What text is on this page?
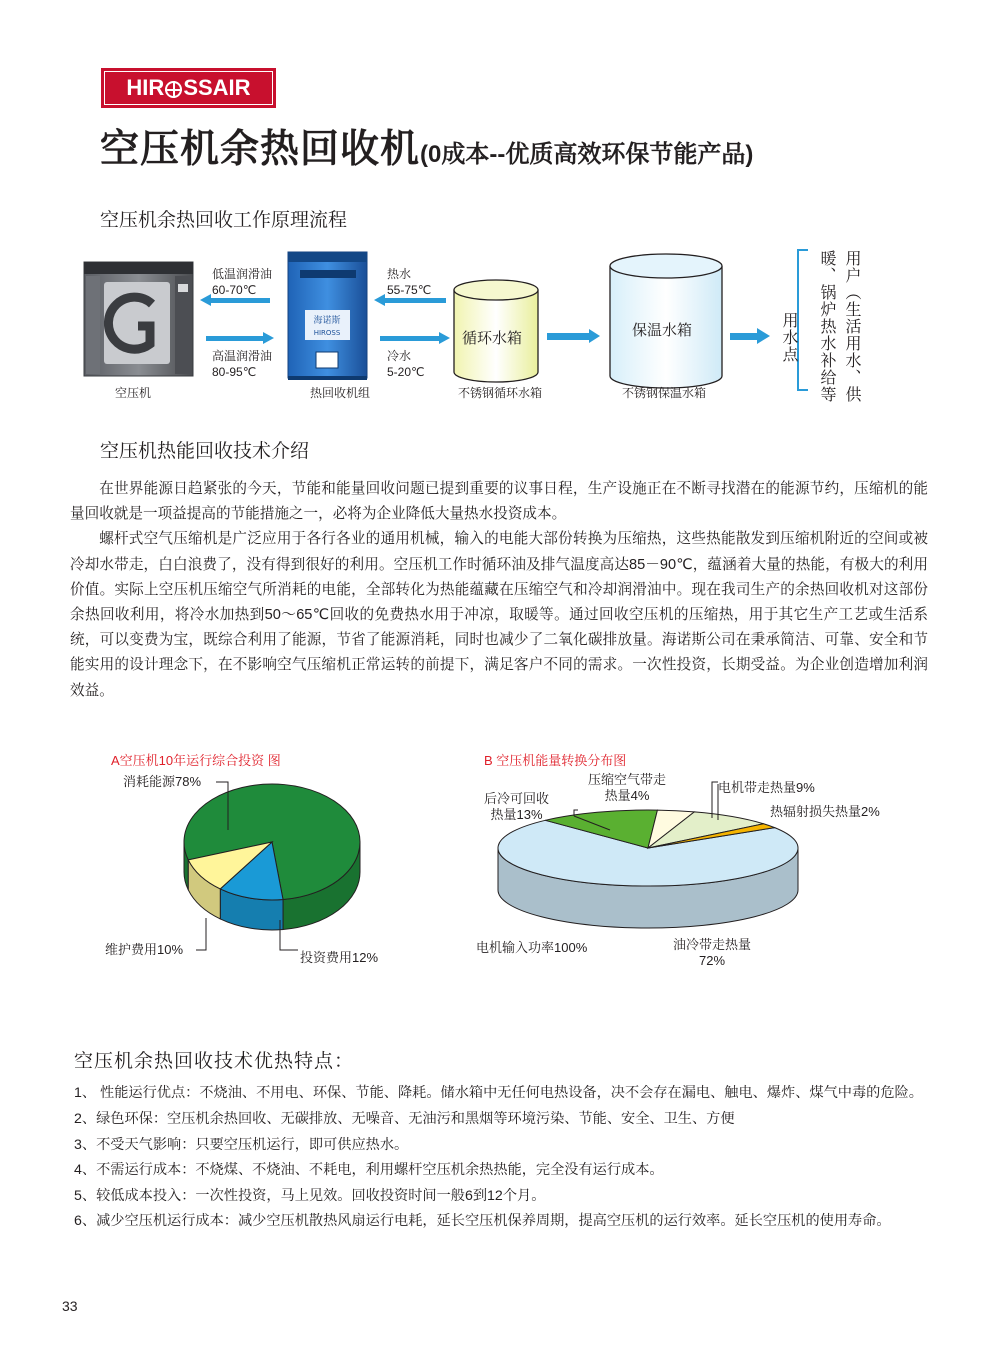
HIR SSAIR
空压机余热回收机(0成本--优质高效环保节能产品)
空压机余热回收工作原理流程
海诺斯
HIROSS
低温润滑油
60-70℃
高温润滑油
80-95℃
热水
55-75℃
冷水
5-20℃
循环水箱	保温水箱	用水点	用户（生活用水、供
暖、锅炉热水补给等
空压机	热回收机组	不锈钢循环水箱	不锈钢保温水箱
空压机热能回收技术介绍

在世界能源日趋紧张的今天，节能和能量回收问题已提到重要的议事日程，生产设施正在不断寻找潜在的能源节约，压缩机的能量回收就是一项益提高的节能措施之一，必将为企业降低大量热水投资成本。

螺杆式空气压缩机是广泛应用于各行各业的通用机械，输入的电能大部份转换为压缩热，这些热能散发到压缩机附近的空间或被冷却水带走，白白浪费了，没有得到很好的利用。空压机工作时循环油及排气温度高达85－90℃，蕴涵着大量的热能，有极大的利用价值。实际上空压机压缩空气所消耗的电能，全部转化为热能蕴藏在压缩空气和冷却润滑油中。现在我司生产的余热回收机对这部份余热回收利用，将冷水加热到50～65℃回收的免费热水用于冲凉，取暖等。通过回收空压机的压缩热，用于其它生产工艺或生活系统，可以变费为宝，既综合利用了能源，节省了能源消耗，同时也减少了二氧化碳排放量。海诺斯公司在秉承简洁、可靠、安全和节能实用的设计理念下，在不影响空气压缩机正常运转的前提下，满足客户不同的需求。一次性投资，长期受益。为企业创造增加利润效益。

A空压机10年运行综合投资 图
消耗能源78%
投资费用12%
维护费用10%
B 空压机能量转换分布图
压缩空气带走
热量4%
后冷可回收
热量13%
电机带走热量9%
热辐射损失热量2%
电机输入功率100%	油冷带走热量
72%
空压机余热回收技术优热特点：
1、 性能运行优点：不烧油、不用电、环保、节能、降耗。储水箱中无任何电热设备，决不会存在漏电、触电、爆炸、煤气中毒的危险。
2、绿色环保：空压机余热回收、无碳排放、无噪音、无油污和黑烟等环境污染、节能、安全、卫生、方便
3、不受天气影响：只要空压机运行，即可供应热水。
4、不需运行成本：不烧煤、不烧油、不耗电，利用螺杆空压机余热热能，完全没有运行成本。
5、较低成本投入：一次性投资，马上见效。回收投资时间一般6到12个月。
6、减少空压机运行成本：减少空压机散热风扇运行电耗，延长空压机保养周期，提高空压机的运行效率。延长空压机的使用寿命。
33
